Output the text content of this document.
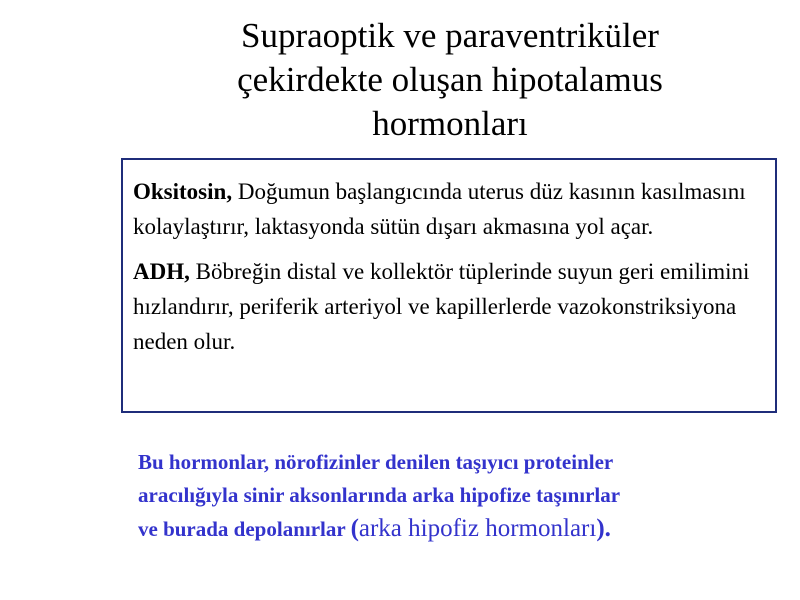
Supraoptik ve paraventriküler
çekirdekte oluşan hipotalamus
hormonları

Oksitosin, Doğumun başlangıcında uterus düz kasının kasılmasını kolaylaştırır, laktasyonda sütün dışarı akmasına yol açar.

ADH, Böbreğin distal ve kollektör tüplerinde suyun geri emilimini hızlandırır, periferik arteriyol ve kapillerlerde vazokonstriksiyona neden olur.

Bu hormonlar, nörofizinler denilen taşıyıcı proteinler
aracılığıyla sinir aksonlarında arka hipofize taşınırlar
ve burada depolanırlar (arka hipofiz hormonları).
